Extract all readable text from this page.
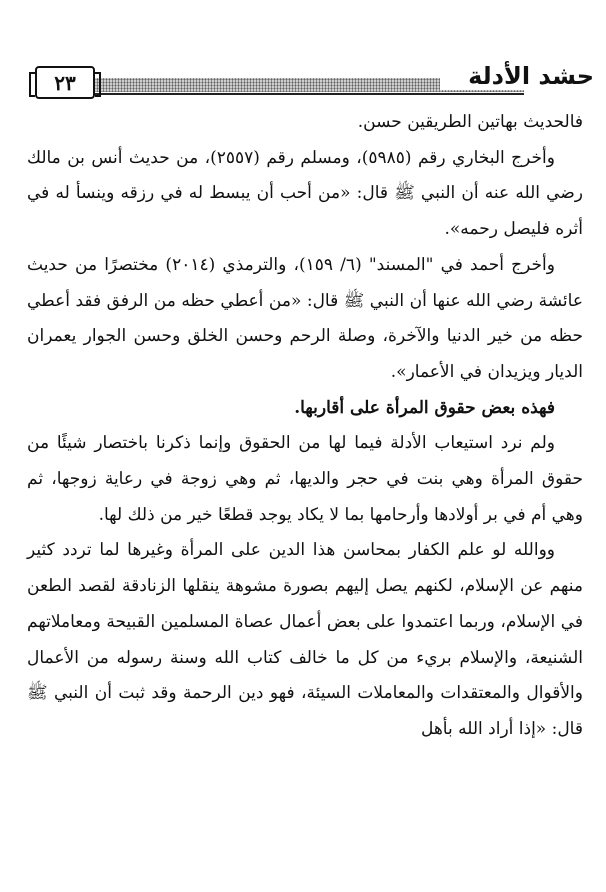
٢٣	حشد الأدلة

فالحديث بهاتين الطريقين حسن.

وأخرج البخاري رقم (٥٩٨٥)، ومسلم رقم (٢٥٥٧)، من حديث أنس بن مالك رضي الله عنه أن النبي ﷺ قال: «من أحب أن يبسط له في رزقه وينسأ له في أثره فليصل رحمه».

وأخرج أحمد في "المسند" (٦/ ١٥٩)، والترمذي (٢٠١٤) مختصرًا من حديث عائشة رضي الله عنها أن النبي ﷺ قال: «من أعطي حظه من الرفق فقد أعطي حظه من خير الدنيا والآخرة، وصلة الرحم وحسن الخلق وحسن الجوار يعمران الديار ويزيدان في الأعمار».

فهذه بعض حقوق المرأة على أقاربها.

ولم نرد استيعاب الأدلة فيما لها من الحقوق وإنما ذكرنا باختصار شيئًا من حقوق المرأة وهي بنت في حجر والديها، ثم وهي زوجة في رعاية زوجها، ثم وهي أم في بر أولادها وأرحامها بما لا يكاد يوجد قطعًا خير من ذلك لها.

ووالله لو علم الكفار بمحاسن هذا الدين على المرأة وغيرها لما تردد كثير منهم عن الإسلام، لكنهم يصل إليهم بصورة مشوهة ينقلها الزنادقة لقصد الطعن في الإسلام، وربما اعتمدوا على بعض أعمال عصاة المسلمين القبيحة ومعاملاتهم الشنيعة، والإسلام بريء من كل ما خالف كتاب الله وسنة رسوله من الأعمال والأقوال والمعتقدات والمعاملات السيئة، فهو دين الرحمة وقد ثبت أن النبي ﷺ قال: «إذا أراد الله بأهل
